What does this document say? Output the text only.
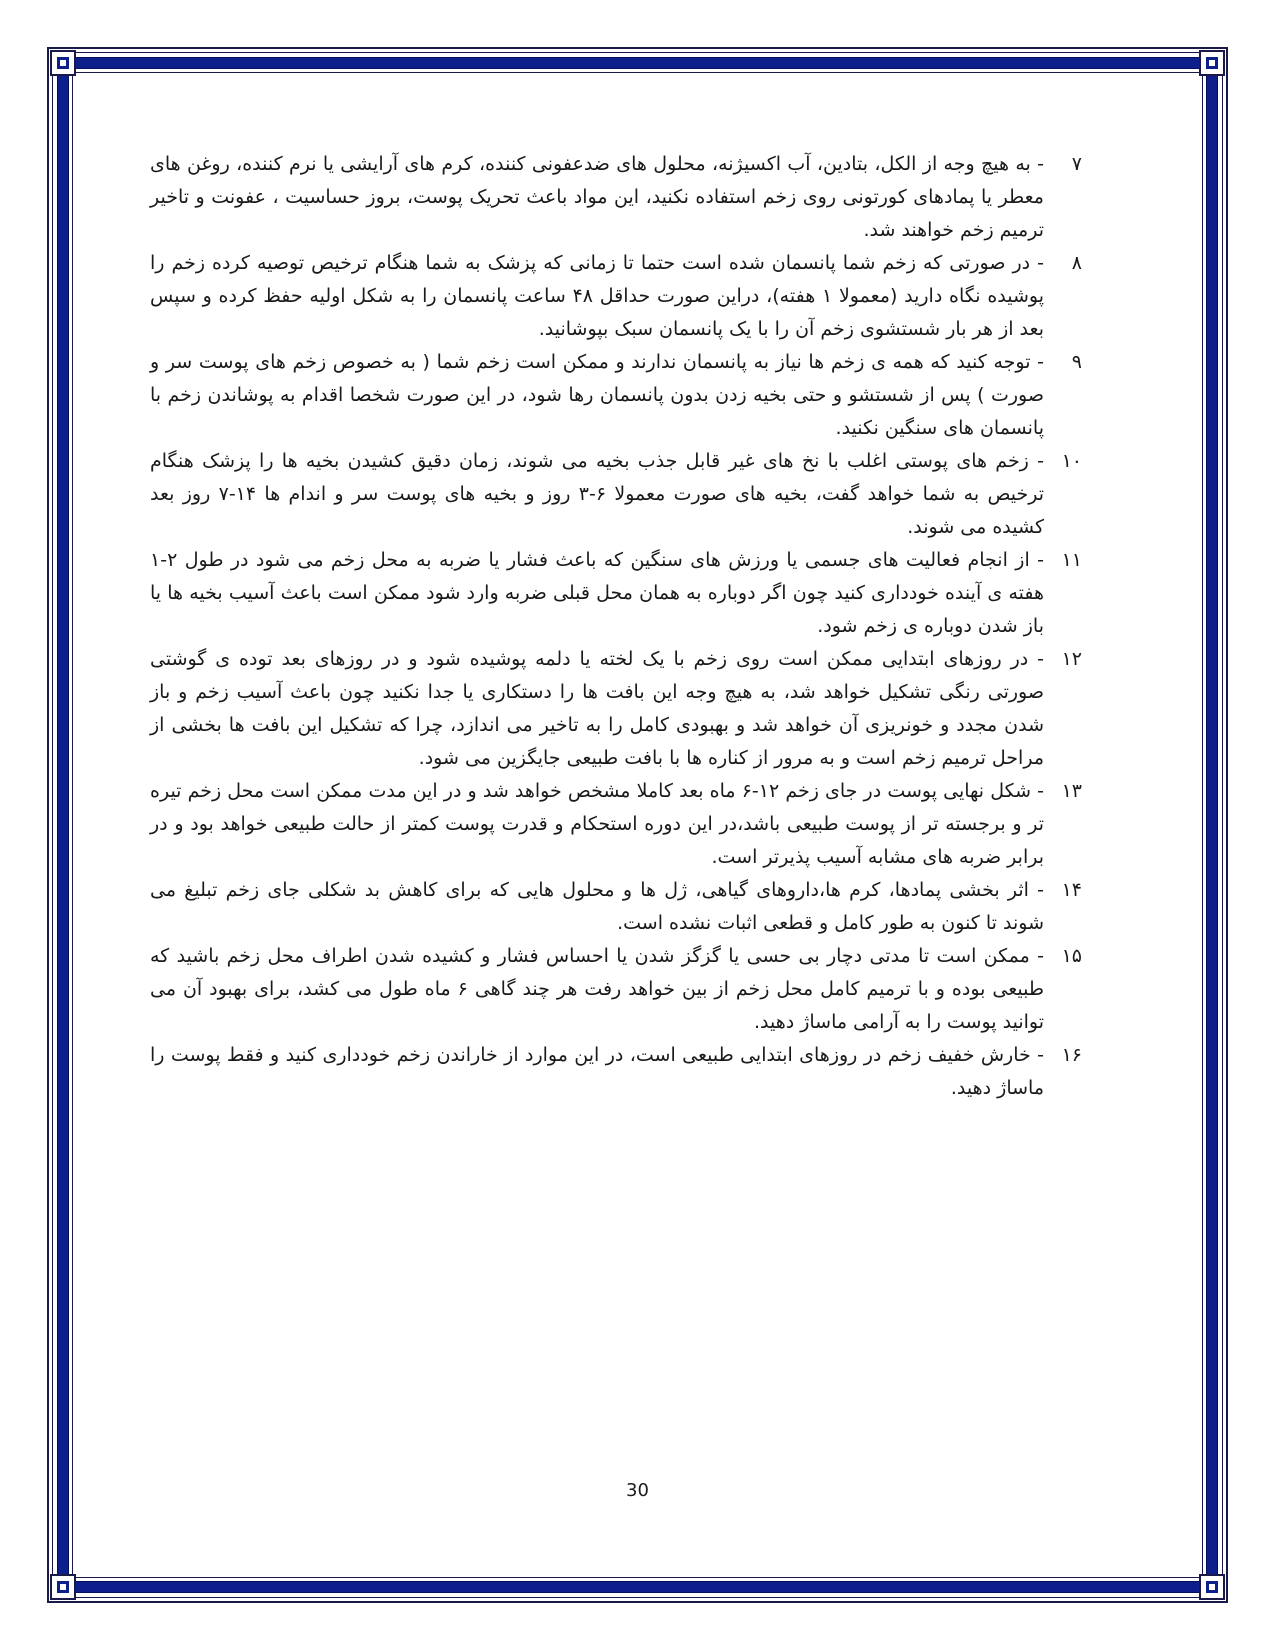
۷

- به هیچ وجه از الکل، بتادین، آب اکسیژنه، محلول های ضدعفونی کننده، کرم های آرایشی یا نرم کننده، روغن های معطر یا پمادهای کورتونی روی زخم استفاده نکنید، این مواد باعث تحریک پوست، بروز حساسیت ، عفونت و تاخیر ترمیم زخم خواهند شد.

۸

- در صورتی که زخم شما پانسمان شده است حتما تا زمانی که پزشک به شما هنگام ترخیص توصیه کرده زخم را پوشیده نگاه دارید (معمولا ۱ هفته)، دراین صورت حداقل ۴۸ ساعت پانسمان را به شکل اولیه حفظ کرده و سپس بعد از هر بار شستشوی زخم آن را با یک پانسمان سبک بپوشانید.

۹

- توجه کنید که همه ی زخم ها نیاز به پانسمان ندارند و ممکن است زخم شما ( به خصوص زخم های پوست سر و صورت ) پس از شستشو و حتی بخیه زدن بدون پانسمان رها شود، در این صورت شخصا اقدام به پوشاندن زخم با پانسمان های سنگین نکنید.

۱۰

- زخم های پوستی اغلب با نخ های غیر قابل جذب بخیه می شوند، زمان دقیق کشیدن بخیه ها را پزشک هنگام ترخیص به شما خواهد گفت، بخیه های صورت معمولا ۶-۳ روز و بخیه های پوست سر و اندام ها ۱۴-۷ روز بعد کشیده می شوند.

۱۱

- از انجام فعالیت های جسمی یا ورزش های سنگین که باعث فشار یا ضربه به محل زخم می شود در طول ۲-۱ هفته ی آینده خودداری کنید چون اگر دوباره به همان محل قبلی ضربه وارد شود ممکن است باعث آسیب بخیه ها یا باز شدن دوباره ی زخم شود.

۱۲

- در روزهای ابتدایی ممکن است روی زخم با یک لخته یا دلمه پوشیده شود و در روزهای بعد توده ی گوشتی صورتی رنگی تشکیل خواهد شد، به هیچ وجه این بافت ها را دستکاری یا جدا نکنید چون باعث آسیب زخم و باز شدن مجدد و خونریزی آن خواهد شد و بهبودی کامل را به تاخیر می اندازد، چرا که تشکیل این بافت ها بخشی از مراحل ترمیم زخم است و به مرور از کناره ها با بافت طبیعی جایگزین می شود.

۱۳

- شکل نهایی پوست در جای زخم ۱۲-۶ ماه بعد کاملا مشخص خواهد شد و در این مدت ممکن است محل زخم تیره تر و برجسته تر از پوست طبیعی باشد،در این دوره استحکام و قدرت پوست کمتر از حالت طبیعی خواهد بود و در برابر ضربه های مشابه آسیب پذیرتر است.

۱۴

- اثر بخشی پمادها، کرم ها،داروهای گیاهی، ژل ها و محلول هایی که برای کاهش بد شکلی جای زخم تبلیغ می شوند تا کنون به طور کامل و قطعی اثبات نشده است.

۱۵

- ممکن است تا مدتی دچار بی حسی یا گزگز شدن یا احساس فشار و کشیده شدن اطراف محل زخم باشید که طبیعی بوده و با ترمیم کامل محل زخم از بین خواهد رفت هر چند گاهی ۶ ماه طول می کشد، برای بهبود آن می توانید پوست را به آرامی ماساژ دهید.

۱۶

- خارش خفیف زخم در روزهای ابتدایی طبیعی است، در این موارد از خاراندن زخم خودداری کنید و فقط پوست را ماساژ دهید.

30
